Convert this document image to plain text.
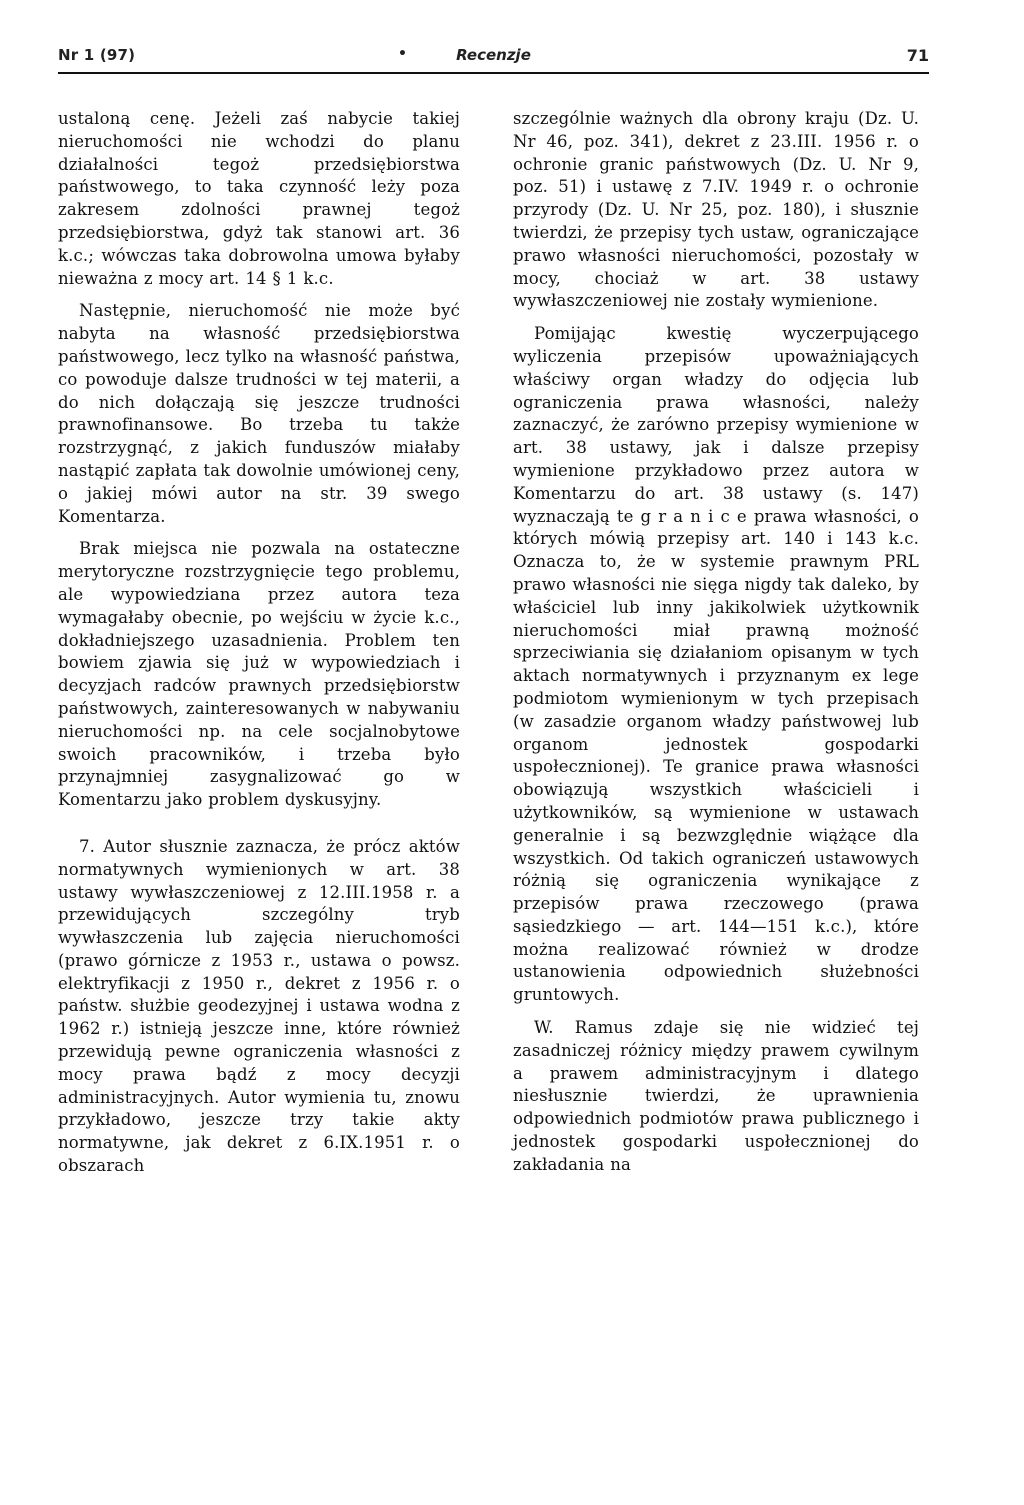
Nr 1 (97)	•	Recenzje	71

ustaloną cenę. Jeżeli zaś nabycie takiej nieruchomości nie wchodzi do planu działalności tegoż przedsiębiorstwa państwowego, to taka czynność leży poza zakresem zdolności prawnej tegoż przedsiębiorstwa, gdyż tak stanowi art. 36 k.c.; wówczas taka dobrowolna umowa byłaby nieważna z mocy art. 14 § 1 k.c.

Następnie, nieruchomość nie może być nabyta na własność przedsiębiorstwa państwowego, lecz tylko na własność państwa, co powoduje dalsze trudności w tej materii, a do nich dołączają się jeszcze trudności prawnofinansowe. Bo trzeba tu także rozstrzygnąć, z jakich funduszów miałaby nastąpić zapłata tak dowolnie umówionej ceny, o jakiej mówi autor na str. 39 swego Komentarza.

Brak miejsca nie pozwala na ostateczne merytoryczne rozstrzygnięcie tego problemu, ale wypowiedziana przez autora teza wymagałaby obecnie, po wejściu w życie k.c., dokładniejszego uzasadnienia. Problem ten bowiem zjawia się już w wypowiedziach i decyzjach radców prawnych przedsiębiorstw państwowych, zainteresowanych w nabywaniu nieruchomości np. na cele socjalnobytowe swoich pracowników, i trzeba było przynajmniej zasygnalizować go w Komentarzu jako problem dyskusyjny.

7. Autor słusznie zaznacza, że prócz aktów normatywnych wymienionych w art. 38 ustawy wywłaszczeniowej z 12.III.1958 r. a przewidujących szczególny tryb wywłaszczenia lub zajęcia nieruchomości (prawo górnicze z 1953 r., ustawa o powsz. elektryfikacji z 1950 r., dekret z 1956 r. o państw. służbie geodezyjnej i ustawa wodna z 1962 r.) istnieją jeszcze inne, które również przewidują pewne ograniczenia własności z mocy prawa bądź z mocy decyzji administracyjnych. Autor wymienia tu, znowu przykładowo, jeszcze trzy takie akty normatywne, jak dekret z 6.IX.1951 r. o obszarach

szczególnie ważnych dla obrony kraju (Dz. U. Nr 46, poz. 341), dekret z 23.III. 1956 r. o ochronie granic państwowych (Dz. U. Nr 9, poz. 51) i ustawę z 7.IV. 1949 r. o ochronie przyrody (Dz. U. Nr 25, poz. 180), i słusznie twierdzi, że przepisy tych ustaw, ograniczające prawo własności nieruchomości, pozostały w mocy, chociaż w art. 38 ustawy wywłaszczeniowej nie zostały wymienione.

Pomijając kwestię wyczerpującego wyliczenia przepisów upoważniających właściwy organ władzy do odjęcia lub ograniczenia prawa własności, należy zaznaczyć, że zarówno przepisy wymienione w art. 38 ustawy, jak i dalsze przepisy wymienione przykładowo przez autora w Komentarzu do art. 38 ustawy (s. 147) wyznaczają te g r a n i c e prawa własności, o których mówią przepisy art. 140 i 143 k.c. Oznacza to, że w systemie prawnym PRL prawo własności nie sięga nigdy tak daleko, by właściciel lub inny jakikolwiek użytkownik nieruchomości miał prawną możność sprzeciwiania się działaniom opisanym w tych aktach normatywnych i przyznanym ex lege podmiotom wymienionym w tych przepisach (w zasadzie organom władzy państwowej lub organom jednostek gospodarki uspołecznionej). Te granice prawa własności obowiązują wszystkich właścicieli i użytkowników, są wymienione w ustawach generalnie i są bezwzględnie wiążące dla wszystkich. Od takich ograniczeń ustawowych różnią się ograniczenia wynikające z przepisów prawa rzeczowego (prawa sąsiedzkiego — art. 144—151 k.c.), które można realizować również w drodze ustanowienia odpowiednich służebności gruntowych.

W. Ramus zdaje się nie widzieć tej zasadniczej różnicy między prawem cywilnym a prawem administracyjnym i dlatego niesłusznie twierdzi, że uprawnienia odpowiednich podmiotów prawa publicznego i jednostek gospodarki uspołecznionej do zakładania na
